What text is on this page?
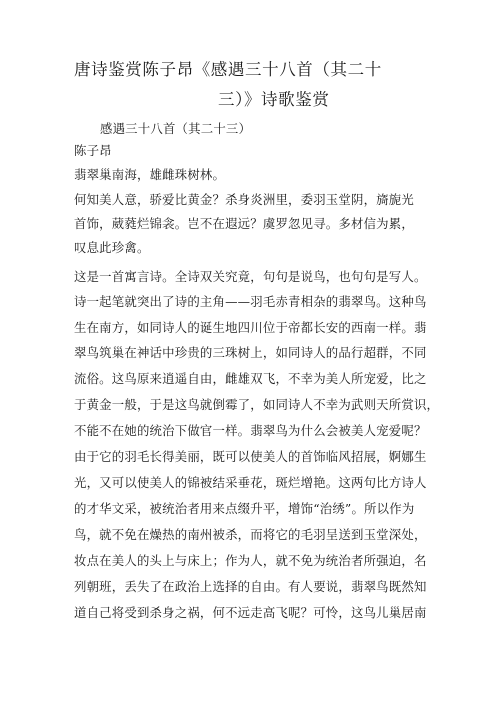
唐诗鉴赏陈子昂《感遇三十八首（其二十
三）》诗歌鉴赏
感遇三十八首（其二十三）
陈子昂
翡翠巢南海，雄雌珠树林。
何知美人意，骄爱比黄金？杀身炎洲里，委羽玉堂阴，旖旎光
首饰，葳蕤烂锦衾。岂不在遐远？虞罗忽见寻。多材信为累，
叹息此珍禽。
这是一首寓言诗。全诗双关究竟，句句是说鸟，也句句是写人。
诗一起笔就突出了诗的主角——羽毛赤青相杂的翡翠鸟。这种鸟
生在南方，如同诗人的诞生地四川位于帝都长安的西南一样。翡
翠鸟筑巢在神话中珍贵的三珠树上，如同诗人的品行超群，不同
流俗。这鸟原来逍遥自由，雌雄双飞，不幸为美人所宠爱，比之
于黄金一般，于是这鸟就倒霉了，如同诗人不幸为武则天所赏识，
不能不在她的统治下做官一样。翡翠鸟为什么会被美人宠爱呢？
由于它的羽毛长得美丽，既可以使美人的首饰临风招展，婀娜生
光，又可以使美人的锦被结采垂花，斑烂增艳。这两句比方诗人
的才华文采，被统治者用来点缀升平，增饰“治绣”。所以作为
鸟，就不免在燥热的南州被杀，而将它的毛羽呈送到玉堂深处，
妆点在美人的头上与床上；作为人，就不免为统治者所强迫，名
列朝班，丢失了在政治上选择的自由。有人要说，翡翠鸟既然知
道自己将受到杀身之祸，何不远走高飞呢？可怜，这鸟儿巢居南
